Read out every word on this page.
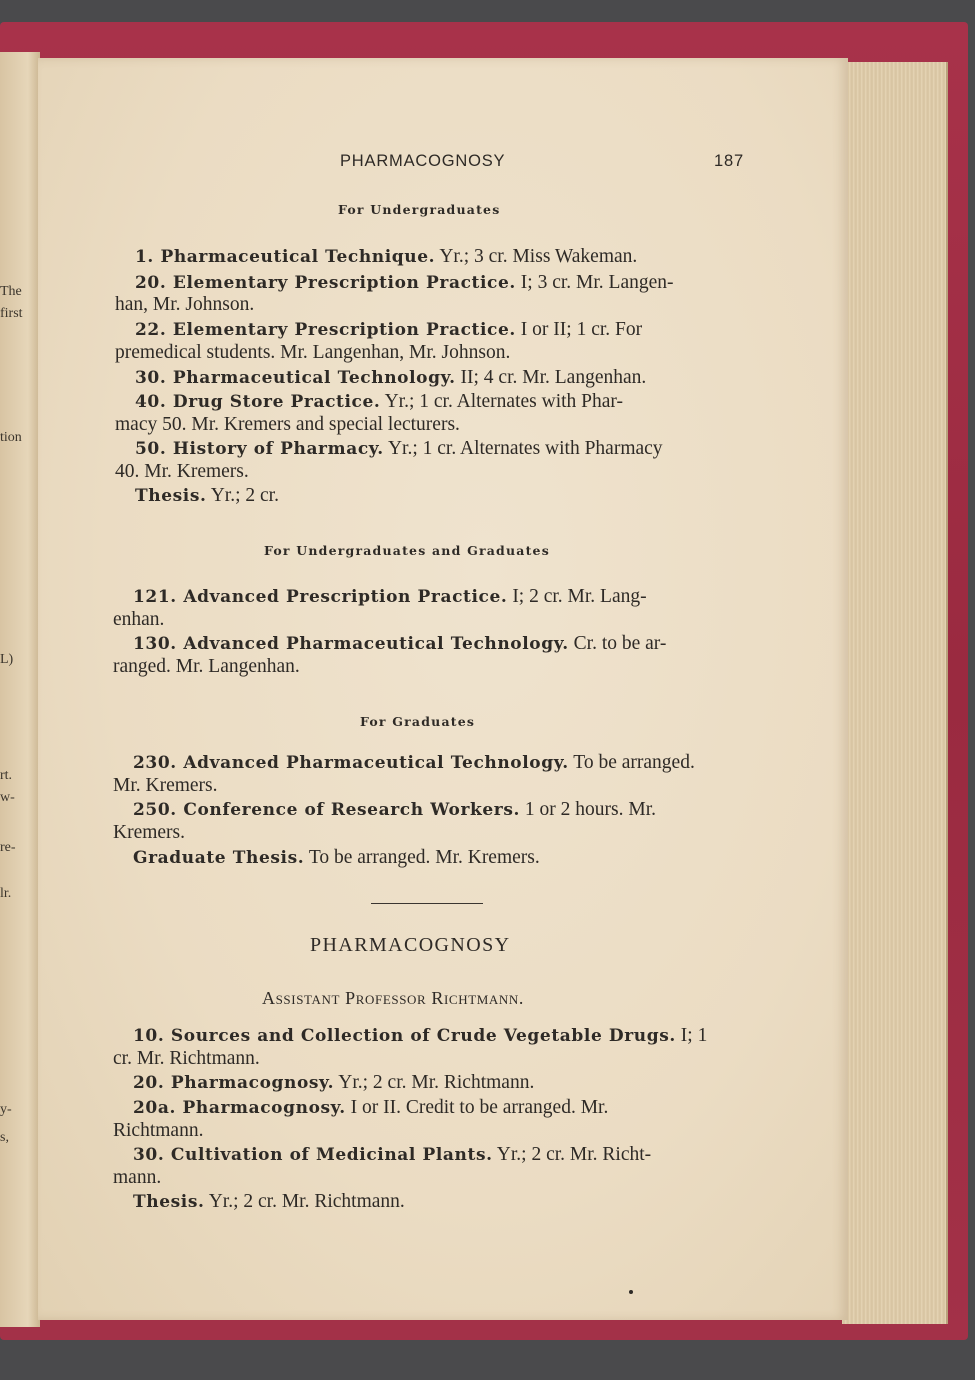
The
first
tion
L)
rt.
w-
re-
lr.
y-
s,
PHARMACOGNOSY	187
For Undergraduates
1. Pharmaceutical Technique. Yr.; 3 cr. Miss Wakeman.
20. Elementary Prescription Practice. I; 3 cr. Mr. Langen-
han, Mr. Johnson.
22. Elementary Prescription Practice. I or II; 1 cr. For
premedical students. Mr. Langenhan, Mr. Johnson.
30. Pharmaceutical Technology. II; 4 cr. Mr. Langenhan.
40. Drug Store Practice. Yr.; 1 cr. Alternates with Phar-
macy 50. Mr. Kremers and special lecturers.
50. History of Pharmacy. Yr.; 1 cr. Alternates with Pharmacy
40. Mr. Kremers.
Thesis. Yr.; 2 cr.
For Undergraduates and Graduates
121. Advanced Prescription Practice. I; 2 cr. Mr. Lang-
enhan.
130. Advanced Pharmaceutical Technology. Cr. to be ar-
ranged. Mr. Langenhan.
For Graduates
230. Advanced Pharmaceutical Technology. To be arranged.
Mr. Kremers.
250. Conference of Research Workers. 1 or 2 hours. Mr.
Kremers.
Graduate Thesis. To be arranged. Mr. Kremers.
PHARMACOGNOSY
Assistant Professor Richtmann.
10. Sources and Collection of Crude Vegetable Drugs. I; 1
cr. Mr. Richtmann.
20. Pharmacognosy. Yr.; 2 cr. Mr. Richtmann.
20a. Pharmacognosy. I or II. Credit to be arranged. Mr.
Richtmann.
30. Cultivation of Medicinal Plants. Yr.; 2 cr. Mr. Richt-
mann.
Thesis. Yr.; 2 cr. Mr. Richtmann.
